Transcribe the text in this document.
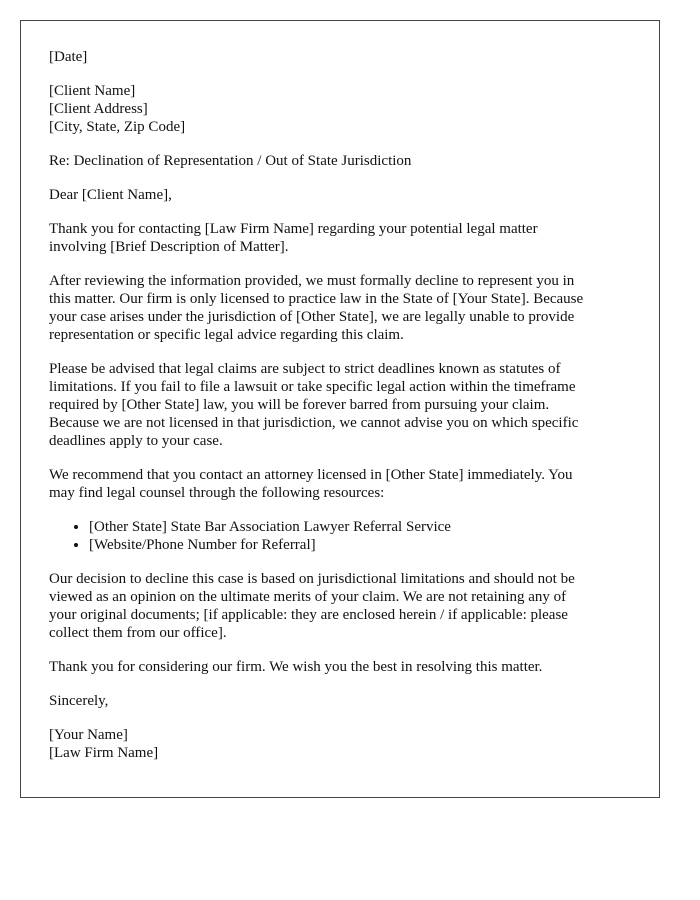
[Date]
[Client Name]
[Client Address]
[City, State, Zip Code]
Re: Declination of Representation / Out of State Jurisdiction
Dear [Client Name],
Thank you for contacting [Law Firm Name] regarding your potential legal matter
involving [Brief Description of Matter].
After reviewing the information provided, we must formally decline to represent you in
this matter. Our firm is only licensed to practice law in the State of [Your State]. Because
your case arises under the jurisdiction of [Other State], we are legally unable to provide
representation or specific legal advice regarding this claim.
Please be advised that legal claims are subject to strict deadlines known as statutes of
limitations. If you fail to file a lawsuit or take specific legal action within the timeframe
required by [Other State] law, you will be forever barred from pursuing your claim.
Because we are not licensed in that jurisdiction, we cannot advise you on which specific
deadlines apply to your case.
We recommend that you contact an attorney licensed in [Other State] immediately. You
may find legal counsel through the following resources:
• [Other State] State Bar Association Lawyer Referral Service
• [Website/Phone Number for Referral]
Our decision to decline this case is based on jurisdictional limitations and should not be
viewed as an opinion on the ultimate merits of your claim. We are not retaining any of
your original documents; [if applicable: they are enclosed herein / if applicable: please
collect them from our office].
Thank you for considering our firm. We wish you the best in resolving this matter.
Sincerely,
[Your Name]
[Law Firm Name]
